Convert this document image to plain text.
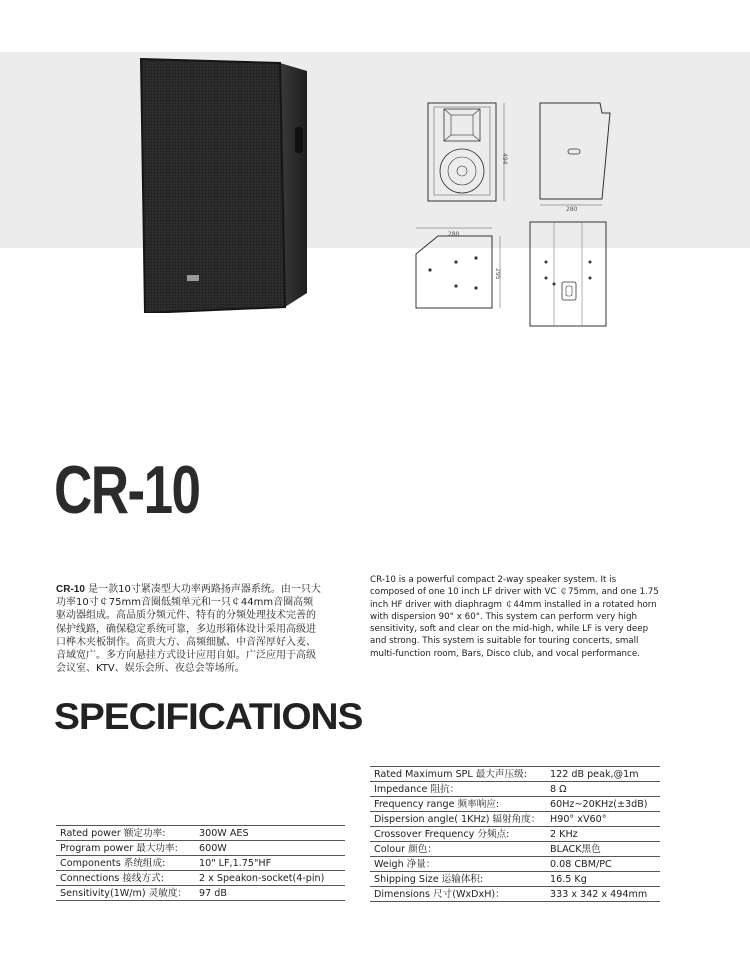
494
280
280
295
CR-10
CR-10 是一款10寸紧凑型大功率两路扬声器系统。由一只大功率10寸￠75mm音圈低频单元和一只￠44mm音圈高频驱动器组成。高品质分频元件、特有的分频处理技术完善的保护线路，确保稳定系统可靠，多边形箱体设计采用高级进口桦木夹板制作。高贵大方、高频细腻、中音浑厚好入麦、音域宽广。多方向悬挂方式设计应用自如。广泛应用于高级会议室、KTV、娱乐会所、夜总会等场所。
CR-10 is a powerful compact 2-way speaker system. It is composed of one 10 inch LF driver with VC ￠75mm, and one 1.75 inch HF driver with diaphragm ￠44mm installed in a rotated horn with dispersion 90° x 60°. This system can perform very high sensitivity, soft and clear on the mid-high, while LF is very deep and strong. This system is suitable for touring concerts, small multi-function room, Bars, Disco club, and vocal performance.
SPECIFICATIONS
Rated power 额定功率:	300W AES
Program power 最大功率:	600W
Components 系统组成:	10" LF,1.75"HF
Connections 接线方式:	2 x Speakon-socket(4-pin)
Sensitivity(1W/m) 灵敏度：	97 dB
Rated Maximum SPL 最大声压级:	122 dB peak,@1m
Impedance 阻抗：	8 Ω
Frequency range 频率响应:	60Hz~20KHz(±3dB)
Dispersion angle( 1KHz) 辐射角度：	H90° xV60°
Crossover Frequency 分频点:	2 KHz
Colour 颜色：	BLACK黑色
Weigh 净量：	0.08 CBM/PC
Shipping Size 运输体积:	16.5 Kg
Dimensions 尺寸(WxDxH)：	333 x 342 x 494mm
